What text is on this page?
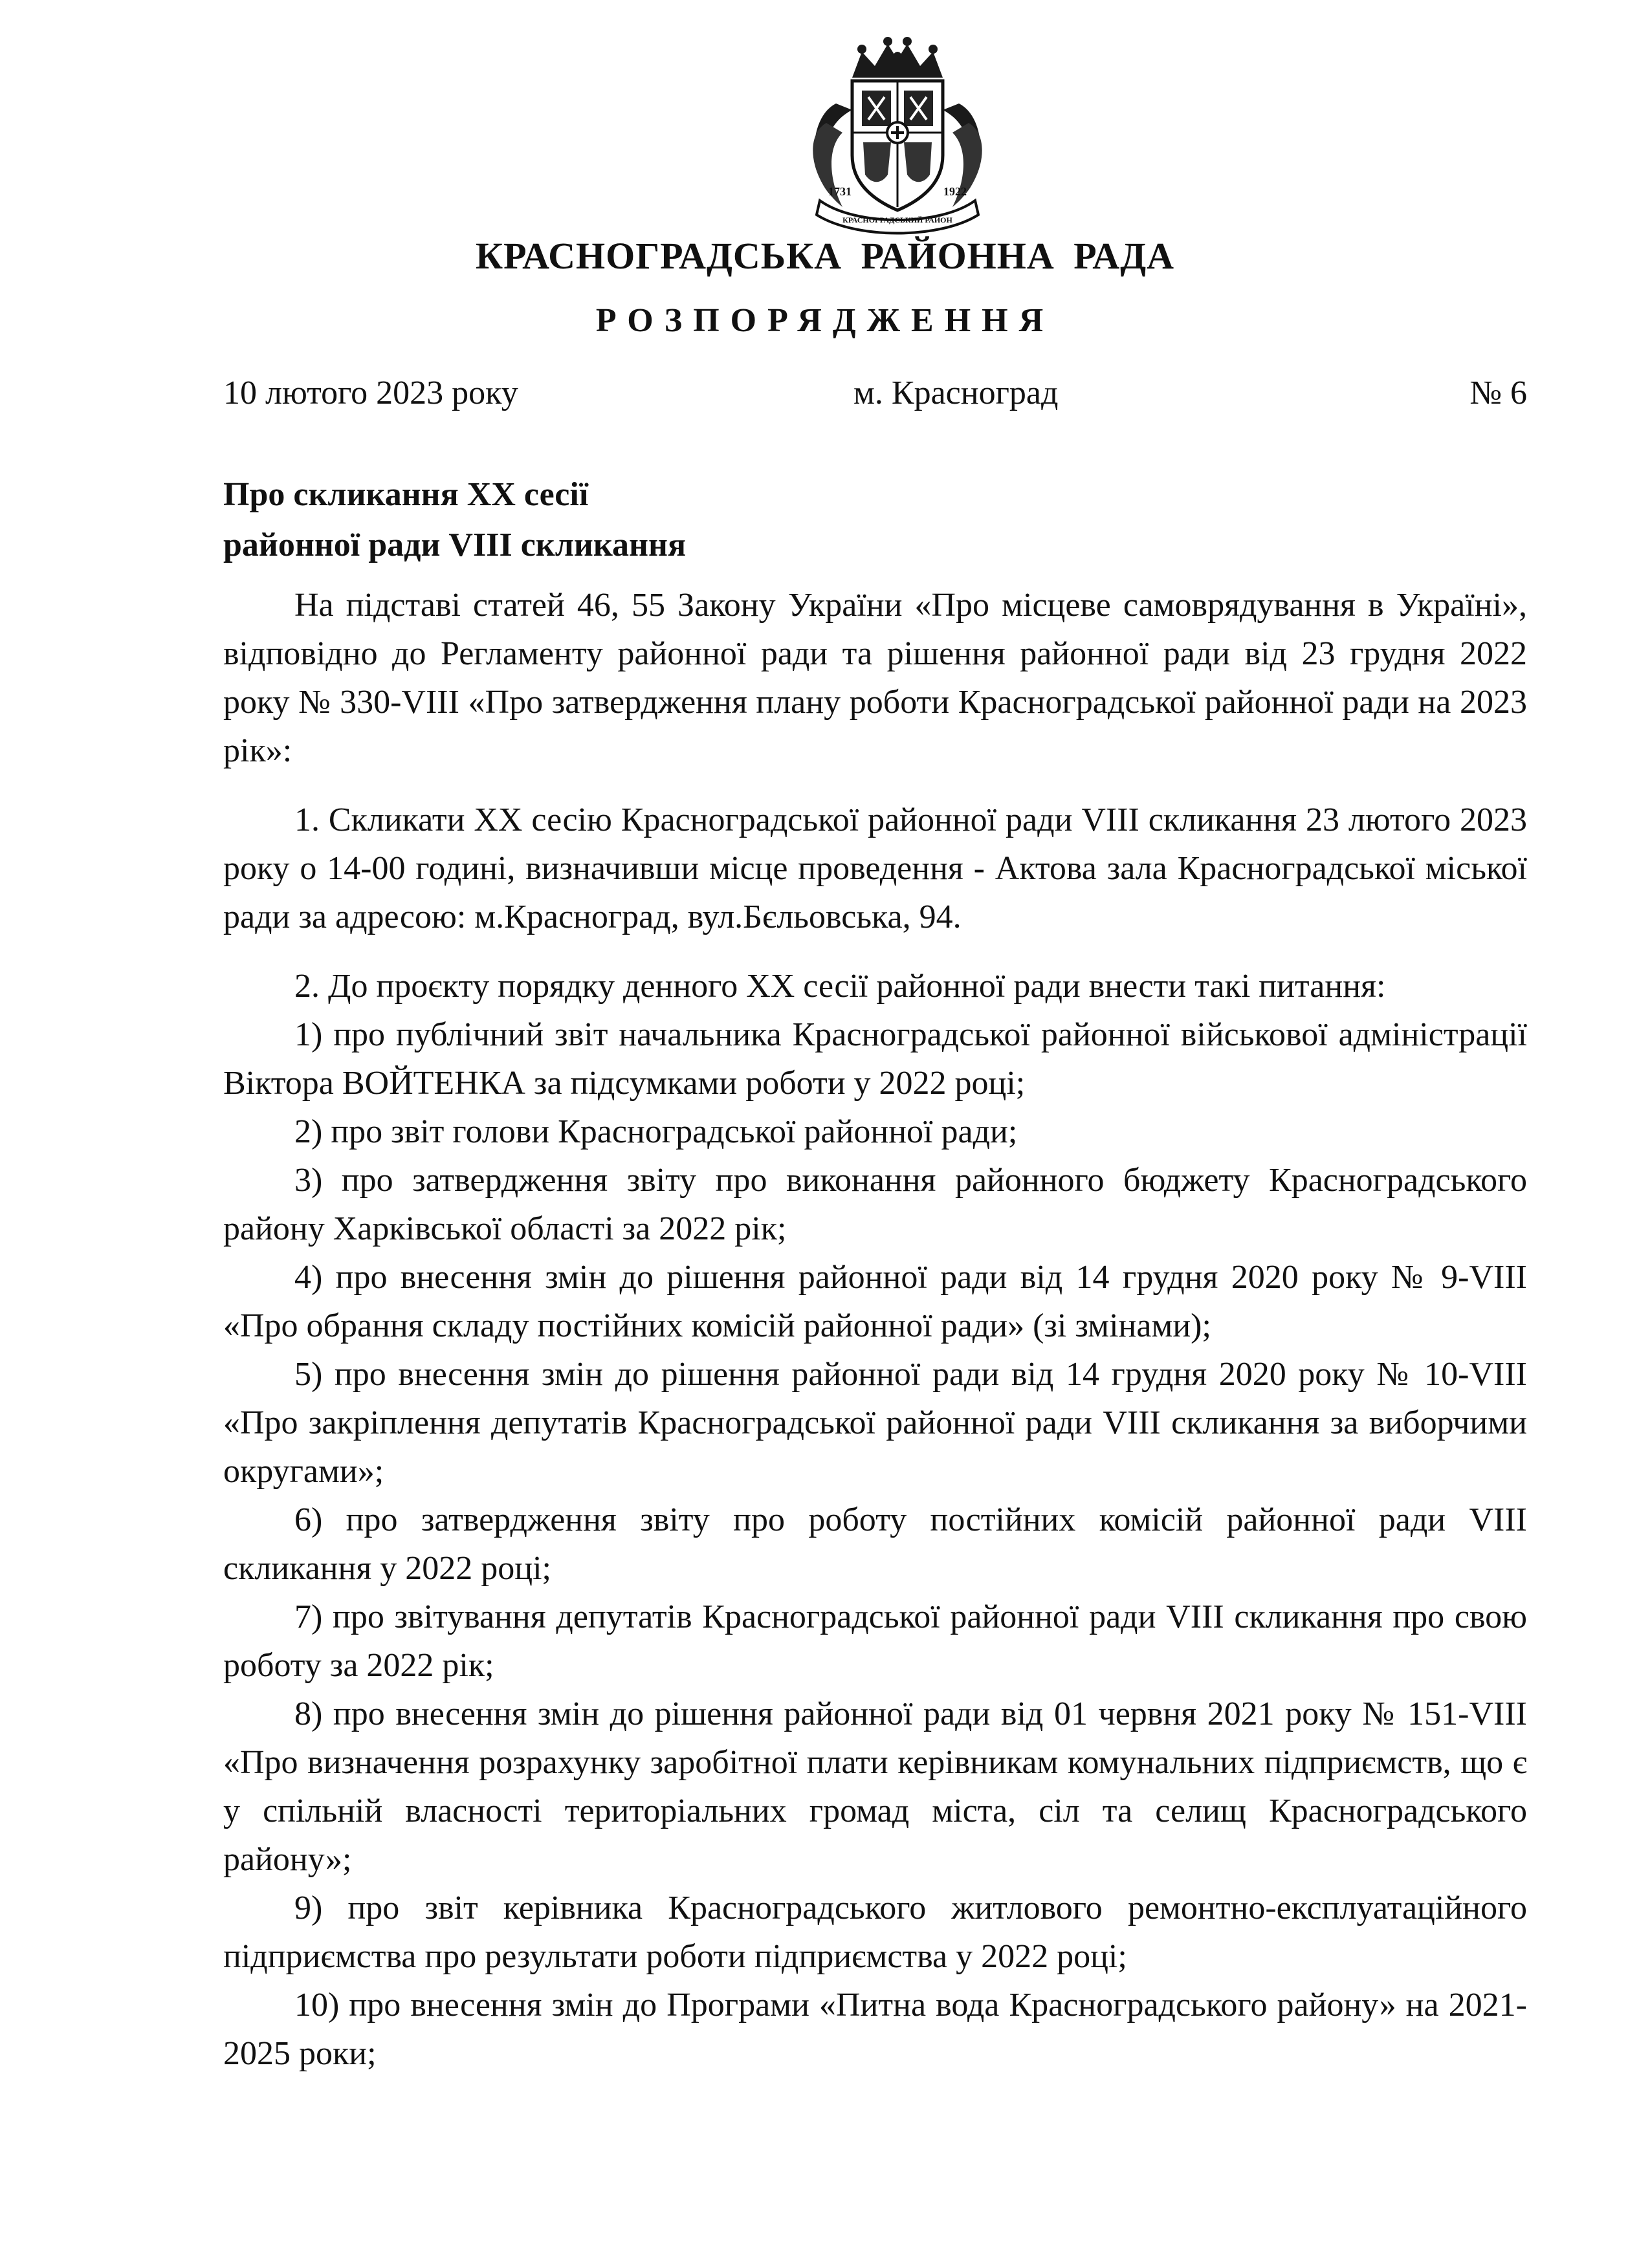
1731	1922
КРАСНОГРАДСЬКИЙ РАЙОН
КРАСНОГРАДСЬКА РАЙОННА РАДА
РОЗПОРЯДЖЕННЯ
10 лютого 2023 року	м. Красноград	№ 6
Про скликання XX сесії
районної ради VIII скликання

На підставі статей 46, 55 Закону України «Про місцеве самоврядування в Україні», відповідно до Регламенту районної ради та рішення районної ради від 23 грудня 2022 року № 330-VIII «Про затвердження плану роботи Красноградської районної ради на 2023 рік»:

1. Скликати XX сесію Красноградської районної ради VIII скликання 23 лютого 2023 року о 14-00 годині, визначивши місце проведення - Актова зала Красноградської міської ради за адресою: м.Красноград, вул.Бєльовська, 94.

2. До проєкту порядку денного XX сесії районної ради внести такі питання:

1) про публічний звіт начальника Красноградської районної військової адміністрації Віктора ВОЙТЕНКА за підсумками роботи у 2022 році;

2) про звіт голови Красноградської районної ради;

3) про затвердження звіту про виконання районного бюджету Красноградського району Харківської області за 2022 рік;

4) про внесення змін до рішення районної ради від 14 грудня 2020 року № 9-VIII «Про обрання складу постійних комісій районної ради» (зі змінами);

5) про внесення змін до рішення районної ради від 14 грудня 2020 року № 10-VIII «Про закріплення депутатів Красноградської районної ради VIII скликання за виборчими округами»;

6) про затвердження звіту про роботу постійних комісій районної ради VIII скликання у 2022 році;

7) про звітування депутатів Красноградської районної ради VIII скликання про свою роботу за 2022 рік;

8) про внесення змін до рішення районної ради від 01 червня 2021 року № 151-VIII «Про визначення розрахунку заробітної плати керівникам комунальних підприємств, що є у спільній власності територіальних громад міста, сіл та селищ Красноградського району»;

9) про звіт керівника Красноградського житлового ремонтно-експлуатаційного підприємства про результати роботи підприємства у 2022 році;

10) про внесення змін до Програми «Питна вода Красноградського району» на 2021-2025 роки;
